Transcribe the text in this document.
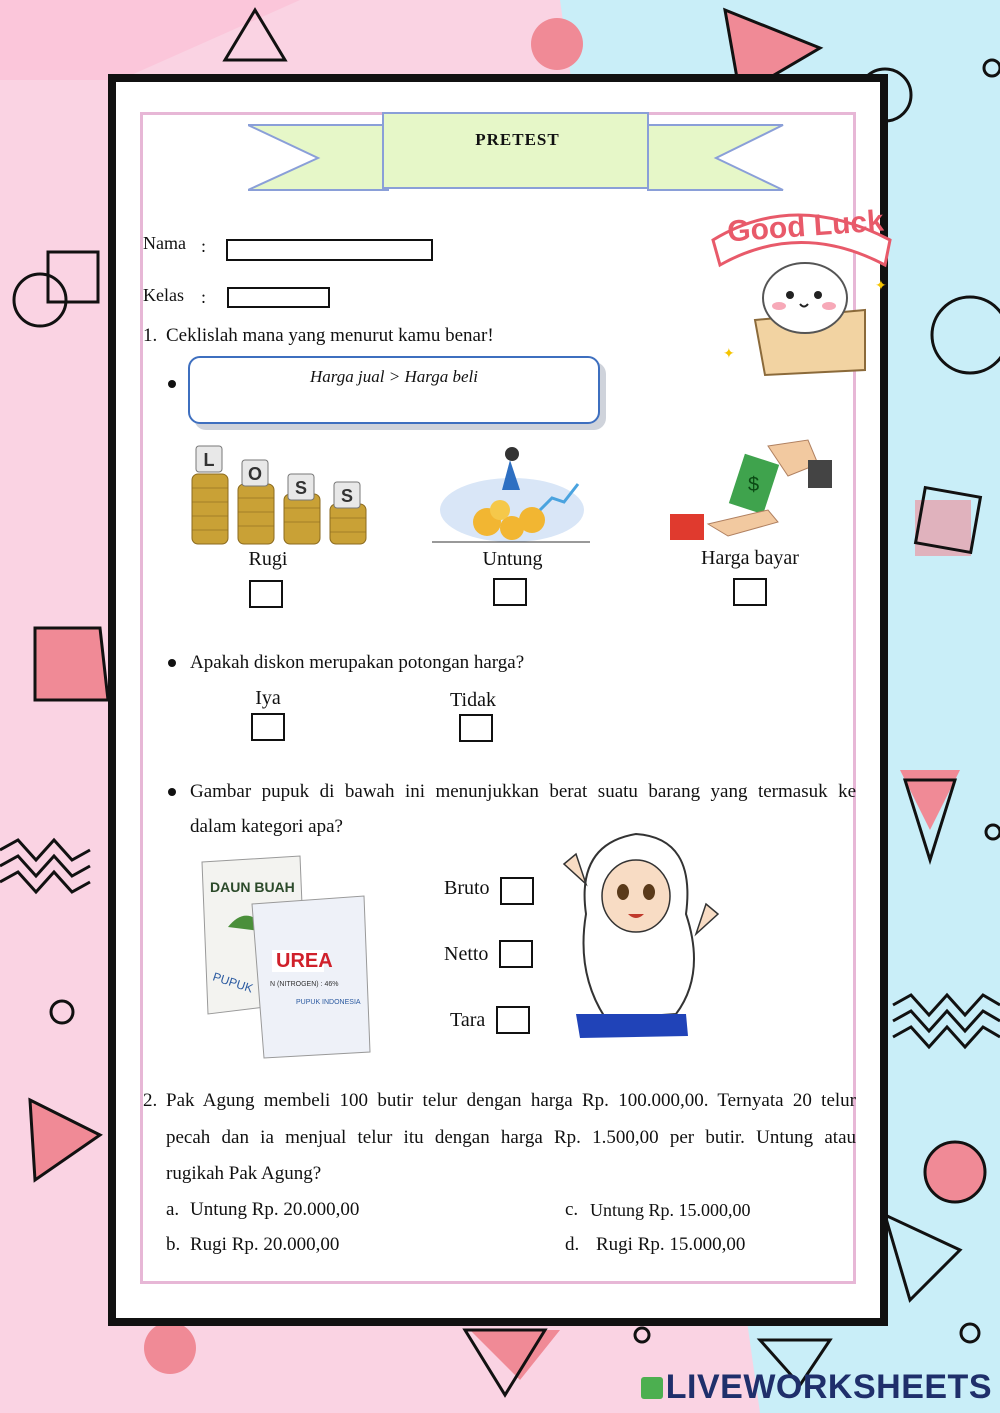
PRETEST
✦
✦
Good Luck
Nama :
Kelas :
1. Ceklislah mana yang menurut kamu benar!
Harga jual > Harga beli
L
O
S S	$
Rugi	Untung	Harga bayar
Apakah diskon merupakan potongan harga?
Iya	Tidak
Gambar pupuk di bawah ini menunjukkan berat suatu barang yang termasuk ke
dalam kategori apa?
DAUN BUAH
PUPUK
UREA
N (NITROGEN) : 46%
PUPUK INDONESIA
Bruto
Netto
Tara
2. Pak Agung membeli 100 butir telur dengan harga Rp. 100.000,00. Ternyata 20 telur
pecah dan ia menjual telur itu dengan harga Rp. 1.500,00 per butir. Untung atau
rugikah Pak Agung?
a. Untung Rp. 20.000,00
b. Rugi Rp. 20.000,00
c. Untung Rp. 15.000,00
d. Rugi Rp. 15.000,00
LIVEWORKSHEETS
